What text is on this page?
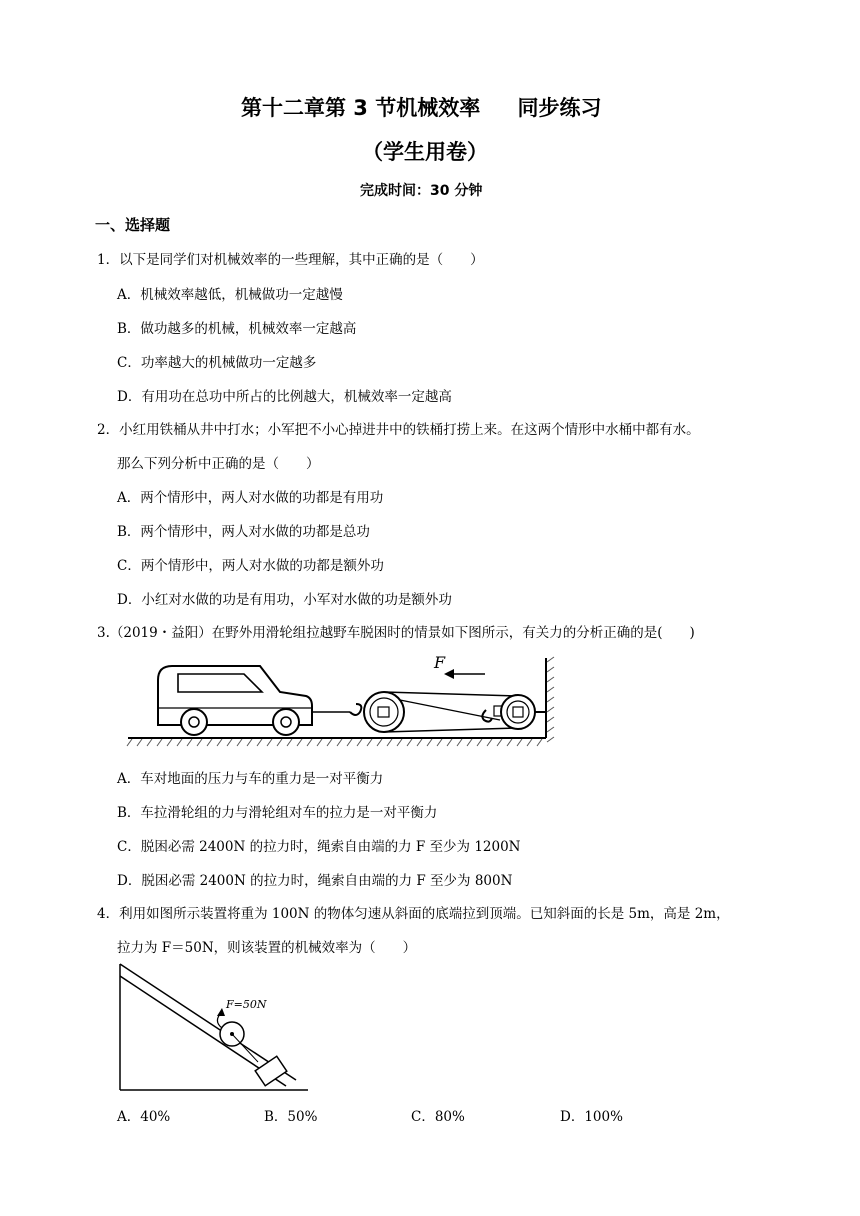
第十二章第 3 节机械效率 同步练习
（学生用卷）
完成时间：30 分钟
一、选择题
1．以下是同学们对机械效率的一些理解，其中正确的是（　　）
A．机械效率越低，机械做功一定越慢
B．做功越多的机械，机械效率一定越高
C．功率越大的机械做功一定越多
D．有用功在总功中所占的比例越大，机械效率一定越高
2．小红用铁桶从井中打水；小军把不小心掉进井中的铁桶打捞上来。在这两个情形中水桶中都有水。
那么下列分析中正确的是（　　）
A．两个情形中，两人对水做的功都是有用功
B．两个情形中，两人对水做的功都是总功
C．两个情形中，两人对水做的功都是额外功
D．小红对水做的功是有用功，小军对水做的功是额外功
3.（2019・益阳）在野外用滑轮组拉越野车脱困时的情景如下图所示，有关力的分析正确的是(　　)
F
A．车对地面的压力与车的重力是一对平衡力
B．车拉滑轮组的力与滑轮组对车的拉力是一对平衡力
C．脱困必需 2400N 的拉力时，绳索自由端的力 F 至少为 1200N
D．脱困必需 2400N 的拉力时，绳索自由端的力 F 至少为 800N
4．利用如图所示装置将重为 100N 的物体匀速从斜面的底端拉到顶端。已知斜面的长是 5m，高是 2m，
拉力为 F＝50N，则该装置的机械效率为（　　）
F=50N
A．40%	B．50%	C．80%	D．100%
